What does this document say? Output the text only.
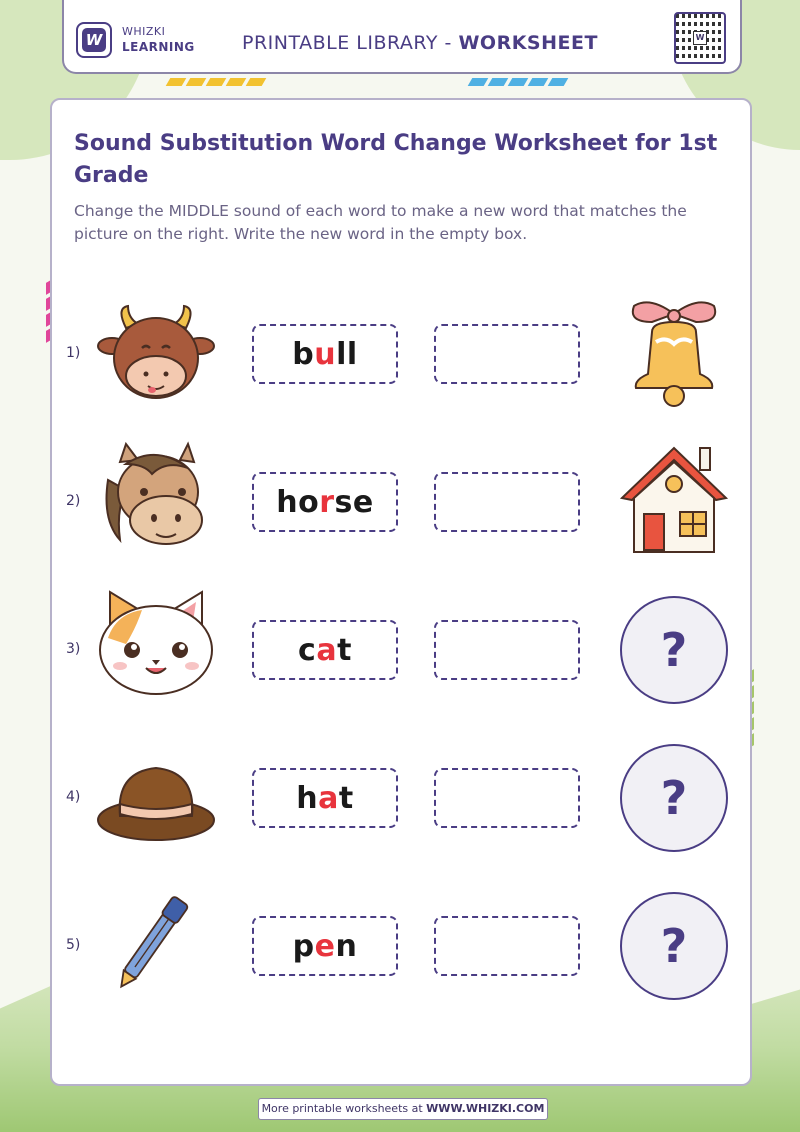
W	WHIZKI
LEARNING PRINTABLE LIBRARY - WORKSHEET	W
Sound Substitution Word Change Worksheet for 1st Grade
Change the MIDDLE sound of each word to make a new word that matches the picture on the right. Write the new word in the empty box.
1)	b u ll
2)	ho r se
3)	c a t	?
4)	h a t	?
5)	p e n	?
More printable worksheets at WWW.WHIZKI.COM
